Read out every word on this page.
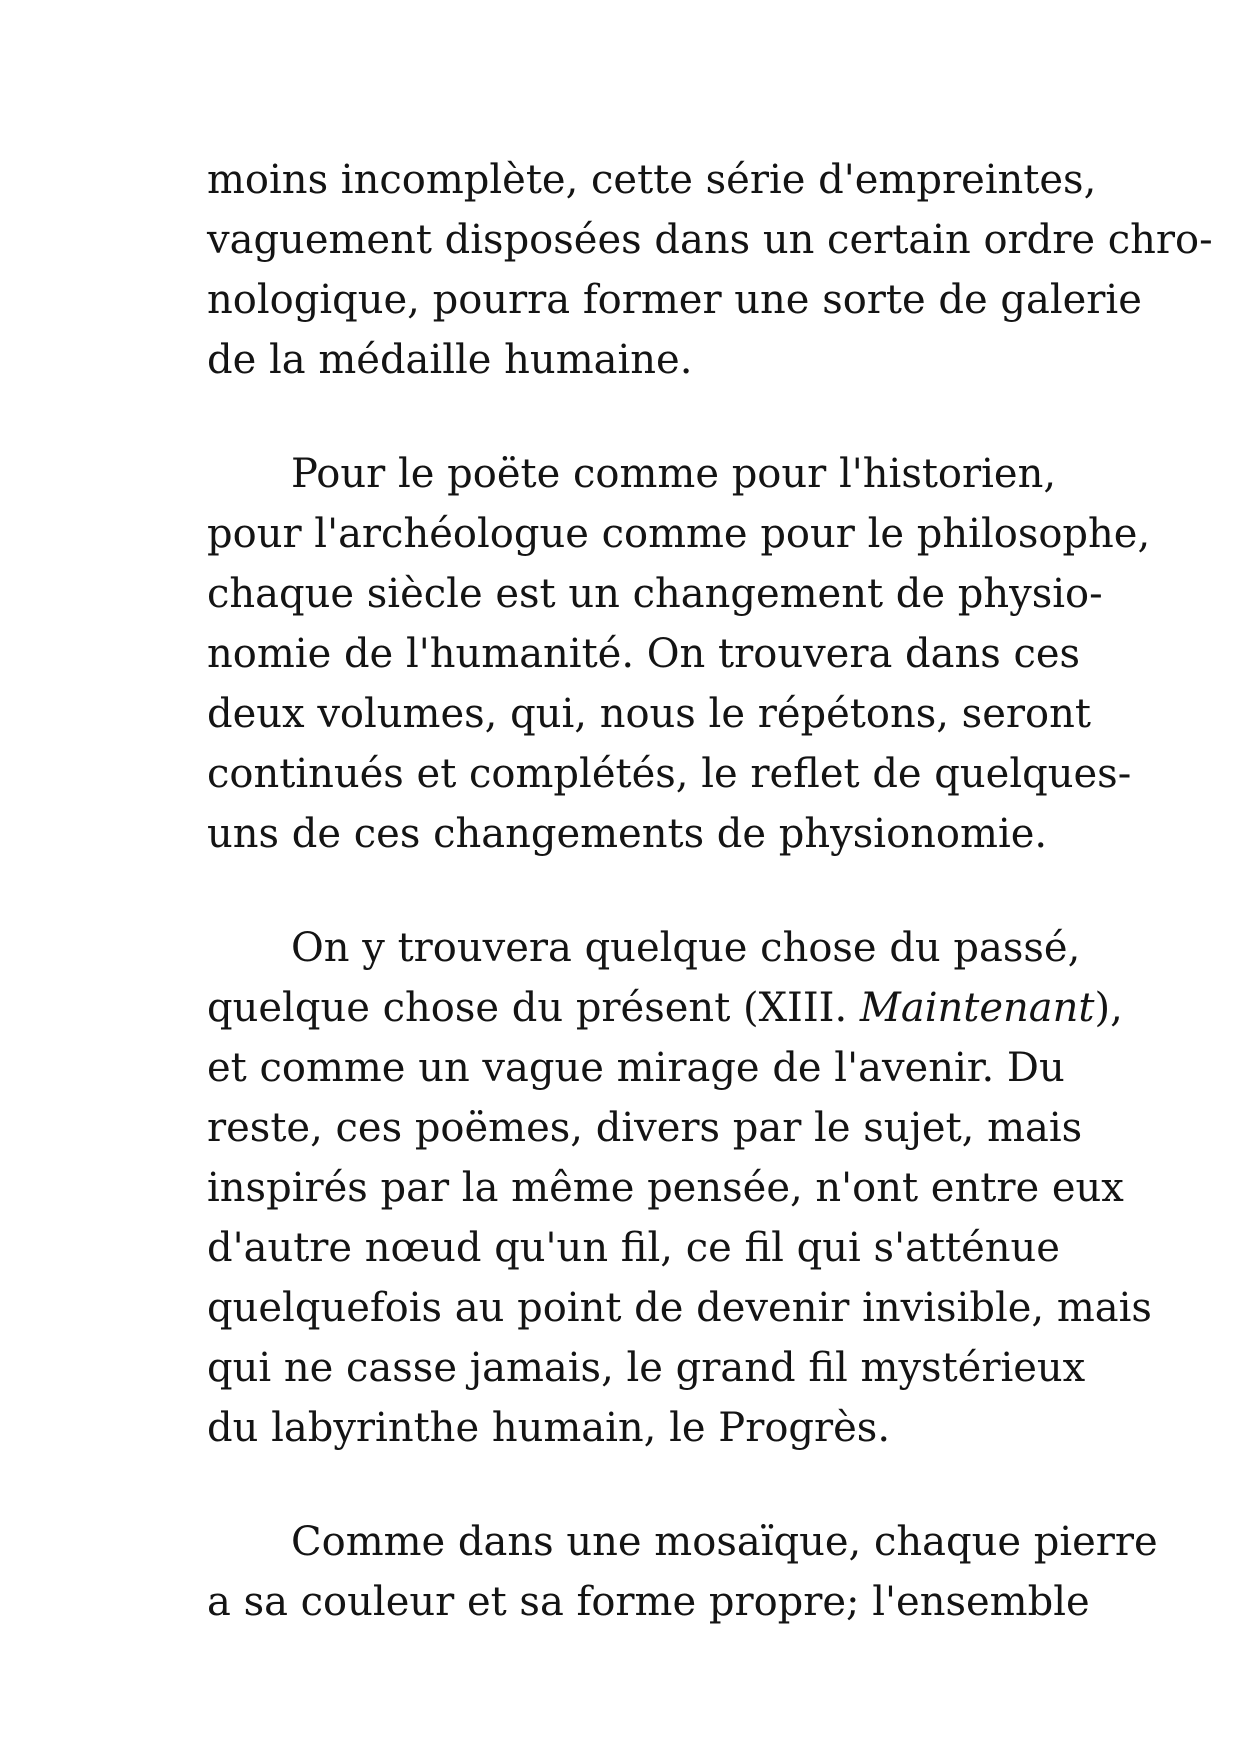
moins incomplète, cette série d'empreintes,
vaguement disposées dans un certain ordre chro-
nologique, pourra former une sorte de galerie
de la médaille humaine.

Pour le poëte comme pour l'historien,
pour l'archéologue comme pour le philosophe,
chaque siècle est un changement de physio-
nomie de l'humanité. On trouvera dans ces
deux volumes, qui, nous le répétons, seront
continués et complétés, le reflet de quelques-
uns de ces changements de physionomie.

On y trouvera quelque chose du passé,
quelque chose du présent (XIII. Maintenant),
et comme un vague mirage de l'avenir. Du
reste, ces poëmes, divers par le sujet, mais
inspirés par la même pensée, n'ont entre eux
d'autre nœud qu'un fil, ce fil qui s'atténue
quelquefois au point de devenir invisible, mais
qui ne casse jamais, le grand fil mystérieux
du labyrinthe humain, le Progrès.

Comme dans une mosaïque, chaque pierre
a sa couleur et sa forme propre; l'ensemble
